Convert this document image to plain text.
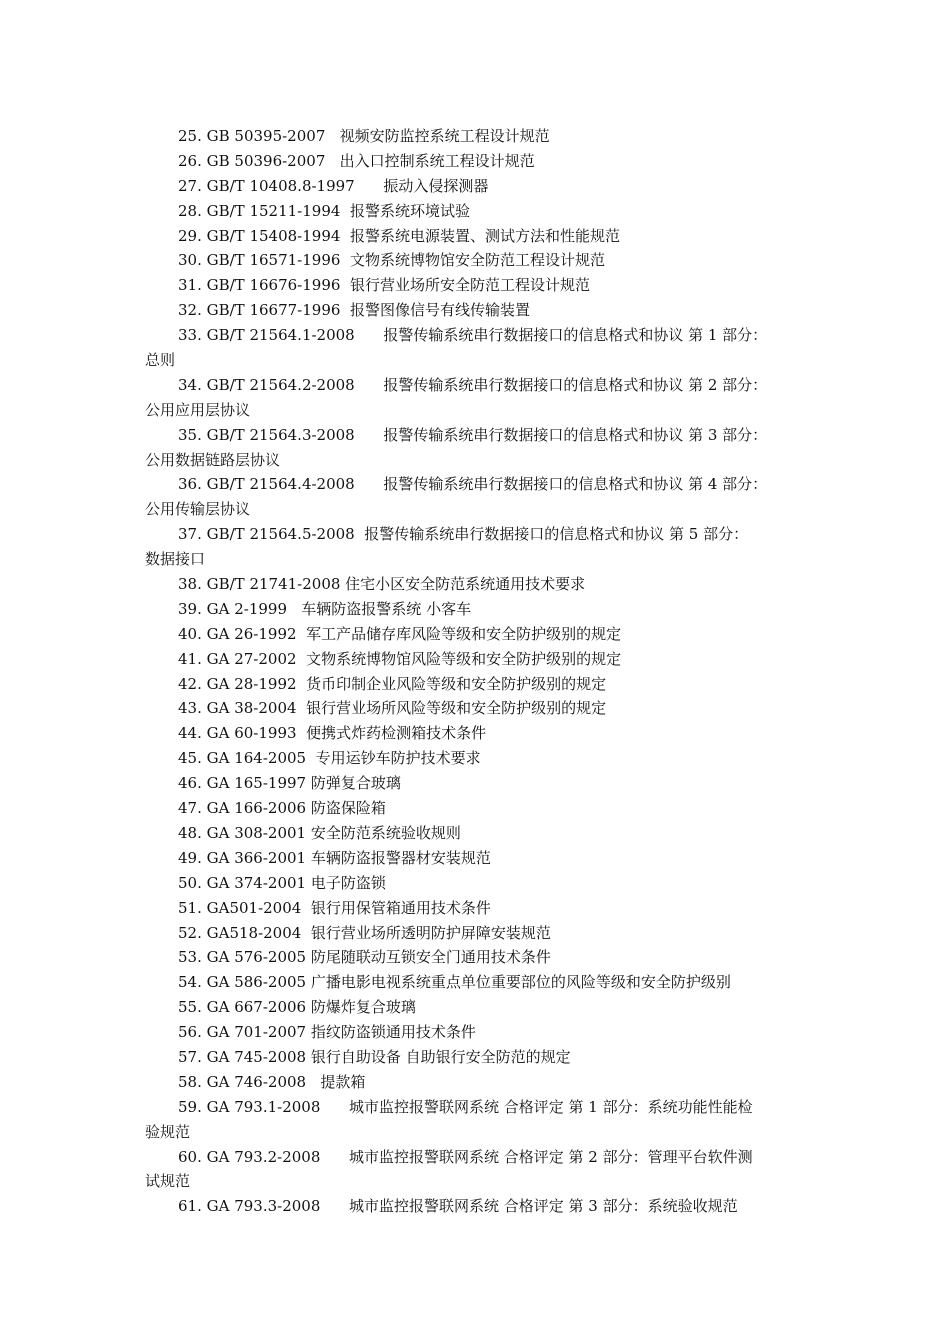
25. GB 50395-2007   视频安防监控系统工程设计规范
26. GB 50396-2007   出入口控制系统工程设计规范
27. GB/T 10408.8-1997      振动入侵探测器
28. GB/T 15211-1994  报警系统环境试验
29. GB/T 15408-1994  报警系统电源装置、测试方法和性能规范
30. GB/T 16571-1996  文物系统博物馆安全防范工程设计规范
31. GB/T 16676-1996  银行营业场所安全防范工程设计规范
32. GB/T 16677-1996  报警图像信号有线传输装置
33. GB/T 21564.1-2008      报警传输系统串行数据接口的信息格式和协议 第 1 部分：
总则
34. GB/T 21564.2-2008      报警传输系统串行数据接口的信息格式和协议 第 2 部分：
公用应用层协议
35. GB/T 21564.3-2008      报警传输系统串行数据接口的信息格式和协议 第 3 部分：
公用数据链路层协议
36. GB/T 21564.4-2008      报警传输系统串行数据接口的信息格式和协议 第 4 部分：
公用传输层协议
37. GB/T 21564.5-2008  报警传输系统串行数据接口的信息格式和协议 第 5 部分：
数据接口
38. GB/T 21741-2008 住宅小区安全防范系统通用技术要求
39. GA 2-1999   车辆防盗报警系统 小客车
40. GA 26-1992  军工产品储存库风险等级和安全防护级别的规定
41. GA 27-2002  文物系统博物馆风险等级和安全防护级别的规定
42. GA 28-1992  货币印制企业风险等级和安全防护级别的规定
43. GA 38-2004  银行营业场所风险等级和安全防护级别的规定
44. GA 60-1993  便携式炸药检测箱技术条件
45. GA 164-2005  专用运钞车防护技术要求
46. GA 165-1997 防弹复合玻璃
47. GA 166-2006 防盗保险箱
48. GA 308-2001 安全防范系统验收规则
49. GA 366-2001 车辆防盗报警器材安装规范
50. GA 374-2001 电子防盗锁
51. GA501-2004  银行用保管箱通用技术条件
52. GA518-2004  银行营业场所透明防护屏障安装规范
53. GA 576-2005 防尾随联动互锁安全门通用技术条件
54. GA 586-2005 广播电影电视系统重点单位重要部位的风险等级和安全防护级别
55. GA 667-2006 防爆炸复合玻璃
56. GA 701-2007 指纹防盗锁通用技术条件
57. GA 745-2008 银行自助设备 自助银行安全防范的规定
58. GA 746-2008   提款箱
59. GA 793.1-2008      城市监控报警联网系统 合格评定 第 1 部分：系统功能性能检
验规范
60. GA 793.2-2008      城市监控报警联网系统 合格评定 第 2 部分：管理平台软件测
试规范
61. GA 793.3-2008      城市监控报警联网系统 合格评定 第 3 部分：系统验收规范
